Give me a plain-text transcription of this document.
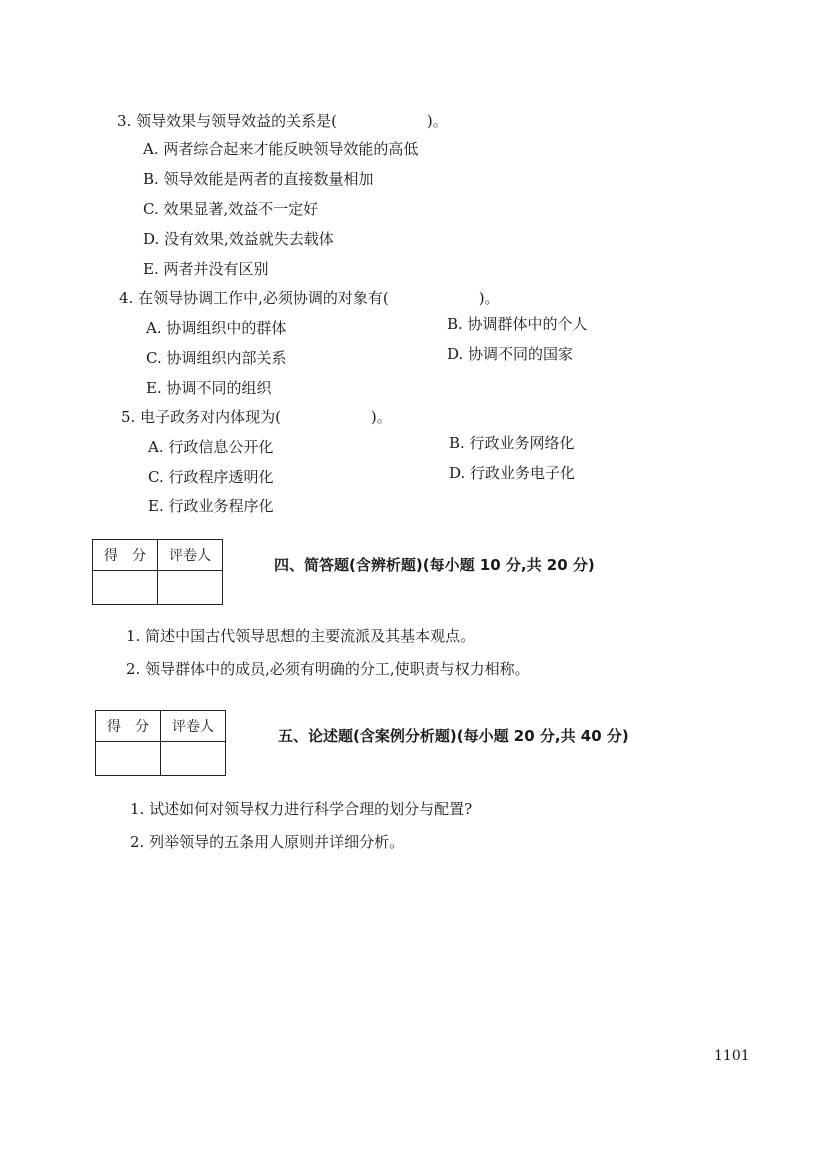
3. 领导效果与领导效益的关系是(　　　　　　)。
A. 两者综合起来才能反映领导效能的高低
B. 领导效能是两者的直接数量相加
C. 效果显著,效益不一定好
D. 没有效果,效益就失去载体
E. 两者并没有区别
4. 在领导协调工作中,必须协调的对象有(　　　　　　)。
A. 协调组织中的群体	B. 协调群体中的个人
C. 协调组织内部关系	D. 协调不同的国家
E. 协调不同的组织
5. 电子政务对内体现为(　　　　　　)。
A. 行政信息公开化	B. 行政业务网络化
C. 行政程序透明化	D. 行政业务电子化
E. 行政业务程序化
得　分	评卷人
		四、简答题(含辨析题)(每小题 10 分,共 20 分)
1. 简述中国古代领导思想的主要流派及其基本观点。
2. 领导群体中的成员,必须有明确的分工,使职责与权力相称。
得　分	评卷人
		五、论述题(含案例分析题)(每小题 20 分,共 40 分)
1. 试述如何对领导权力进行科学合理的划分与配置?
2. 列举领导的五条用人原则并详细分析。
1101
